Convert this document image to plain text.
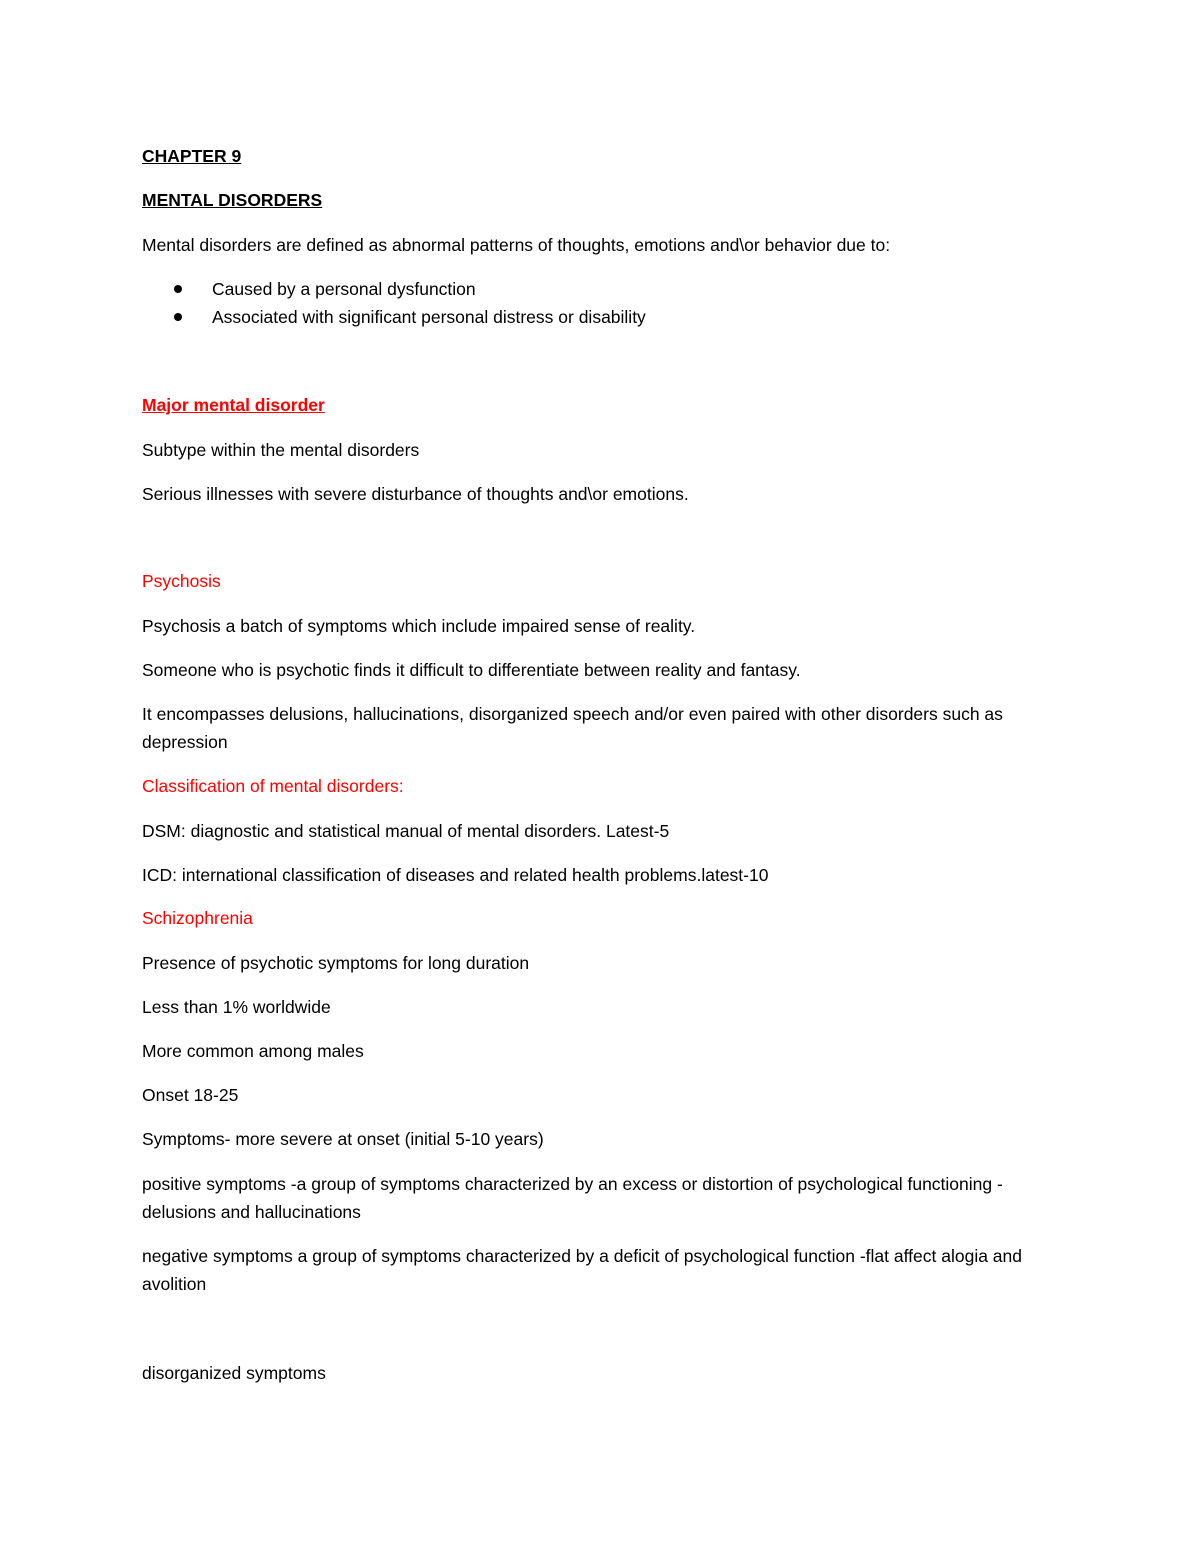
CHAPTER 9

MENTAL DISORDERS

Mental disorders are defined as abnormal patterns of thoughts, emotions and\or behavior due to:

Caused by a personal dysfunction
Associated with significant personal distress or disability

Major mental disorder

Subtype within the mental disorders

Serious illnesses with severe disturbance of thoughts and\or emotions.

Psychosis

Psychosis a batch of symptoms which include impaired sense of reality.

Someone who is psychotic finds it difficult to differentiate between reality and fantasy.

It encompasses delusions, hallucinations, disorganized speech and/or even paired with other disorders such as depression

Classification of mental disorders:

DSM: diagnostic and statistical manual of mental disorders. Latest-5

ICD: international classification of diseases and related health problems.latest-10

Schizophrenia

Presence of psychotic symptoms for long duration

Less than 1% worldwide

More common among males

Onset 18-25

Symptoms- more severe at onset (initial 5-10 years)

positive symptoms -a group of symptoms characterized by an excess or distortion of psychological functioning -delusions and hallucinations

negative symptoms a group of symptoms characterized by a deficit of psychological function -flat affect alogia and avolition

disorganized symptoms
